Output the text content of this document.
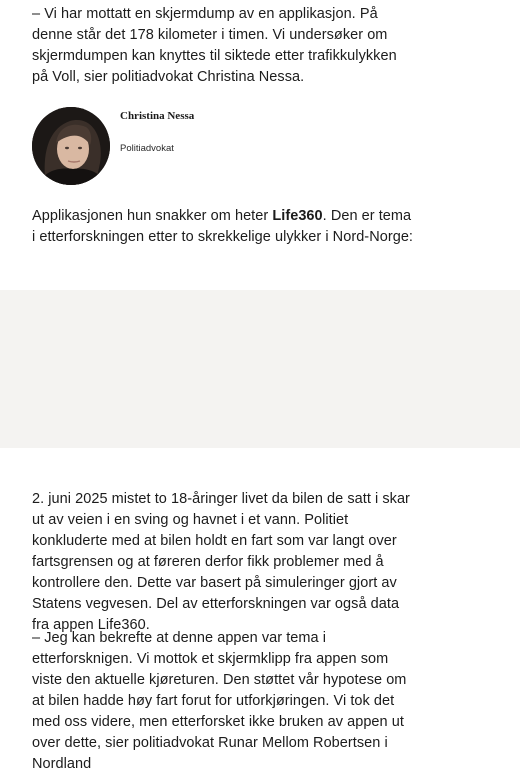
– Vi har mottatt en skjermdump av en applikasjon. På denne står det 178 kilometer i timen. Vi undersøker om skjermdumpen kan knyttes til siktede etter trafikkulykken på Voll, sier politiadvokat Christina Nessa.

Christina Nessa
Politiadvokat

Applikasjonen hun snakker om heter Life360. Den er tema i etterforskningen etter to skrekkelige ulykker i Nord-Norge:

2. juni 2025 mistet to 18-åringer livet da bilen de satt i skar ut av veien i en sving og havnet i et vann. Politiet konkluderte med at bilen holdt en fart som var langt over fartsgrensen og at føreren derfor fikk problemer med å kontrollere den. Dette var basert på simuleringer gjort av Statens vegvesen. Del av etterforskningen var også data fra appen Life360.

– Jeg kan bekrefte at denne appen var tema i etterforsknigen. Vi mottok et skjermklipp fra appen som viste den aktuelle kjøreturen. Den støttet vår hypotese om at bilen hadde høy fart forut for utforkjøringen. Vi tok det med oss videre, men etterforsket ikke bruken av appen ut over dette, sier politiadvokat Runar Mellom Robertsen i Nordland
